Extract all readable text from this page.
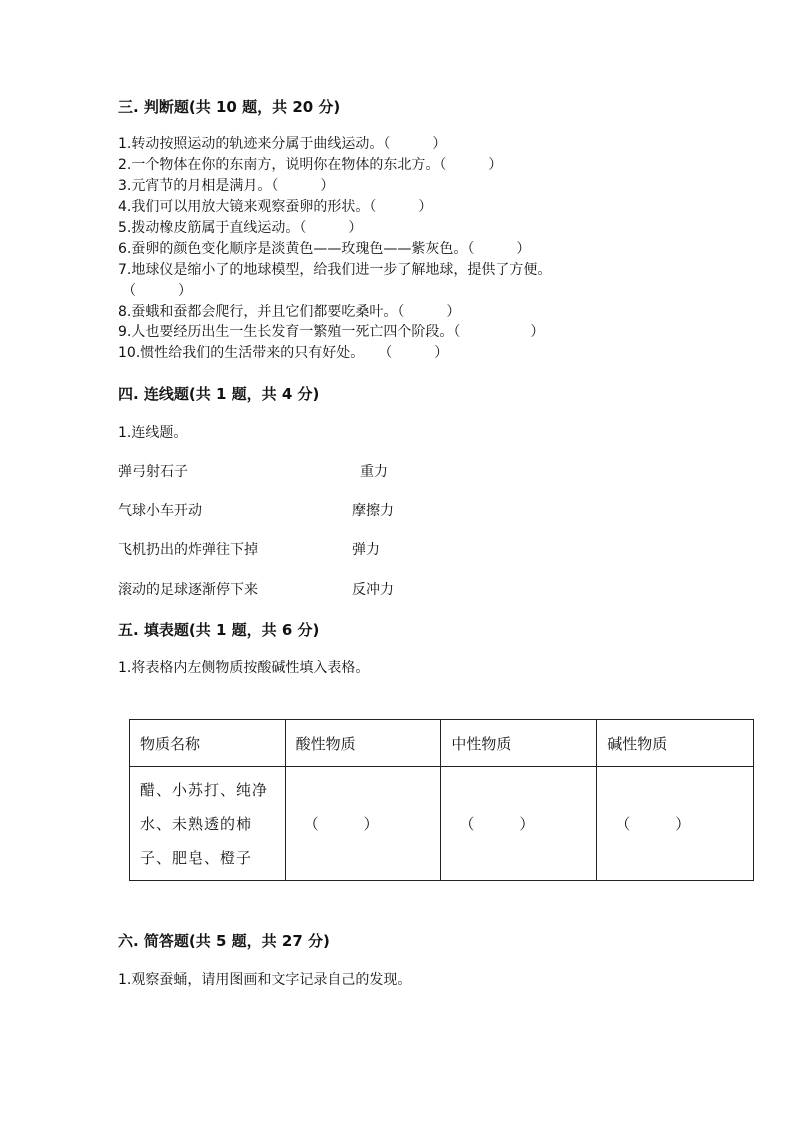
三. 判断题(共 10 题，共 20 分)
1.转动按照运动的轨迹来分属于曲线运动。（　　　）
2.一个物体在你的东南方，说明你在物体的东北方。（　　　）
3.元宵节的月相是满月。（　　　）
4.我们可以用放大镜来观察蚕卵的形状。（　　　）
5.拨动橡皮筋属于直线运动。（　　　）
6.蚕卵的颜色变化顺序是淡黄色——玫瑰色——紫灰色。（　　　）
7.地球仪是缩小了的地球模型，给我们进一步了解地球，提供了方便。
（　　　）
8.蚕蛾和蚕都会爬行，并且它们都要吃桑叶。（　　　）
9.人也要经历出生一生长发育一繁殖一死亡四个阶段。（　　　　　）
10.惯性给我们的生活带来的只有好处。　　（　　　）
四. 连线题(共 1 题，共 4 分)
1.连线题。
弹弓射石子	重力
气球小车开动	摩擦力
飞机扔出的炸弹往下掉	弹力
滚动的足球逐渐停下来	反冲力
五. 填表题(共 1 题，共 6 分)
1.将表格内左侧物质按酸碱性填入表格。
物质名称	酸性物质	中性物质	碱性物质
醋、小苏打、纯净水、未熟透的柿子、肥皂、橙子	（　　　）	（　　　）	（　　　）
六. 简答题(共 5 题，共 27 分)
1.观察蚕蛹，请用图画和文字记录自己的发现。
